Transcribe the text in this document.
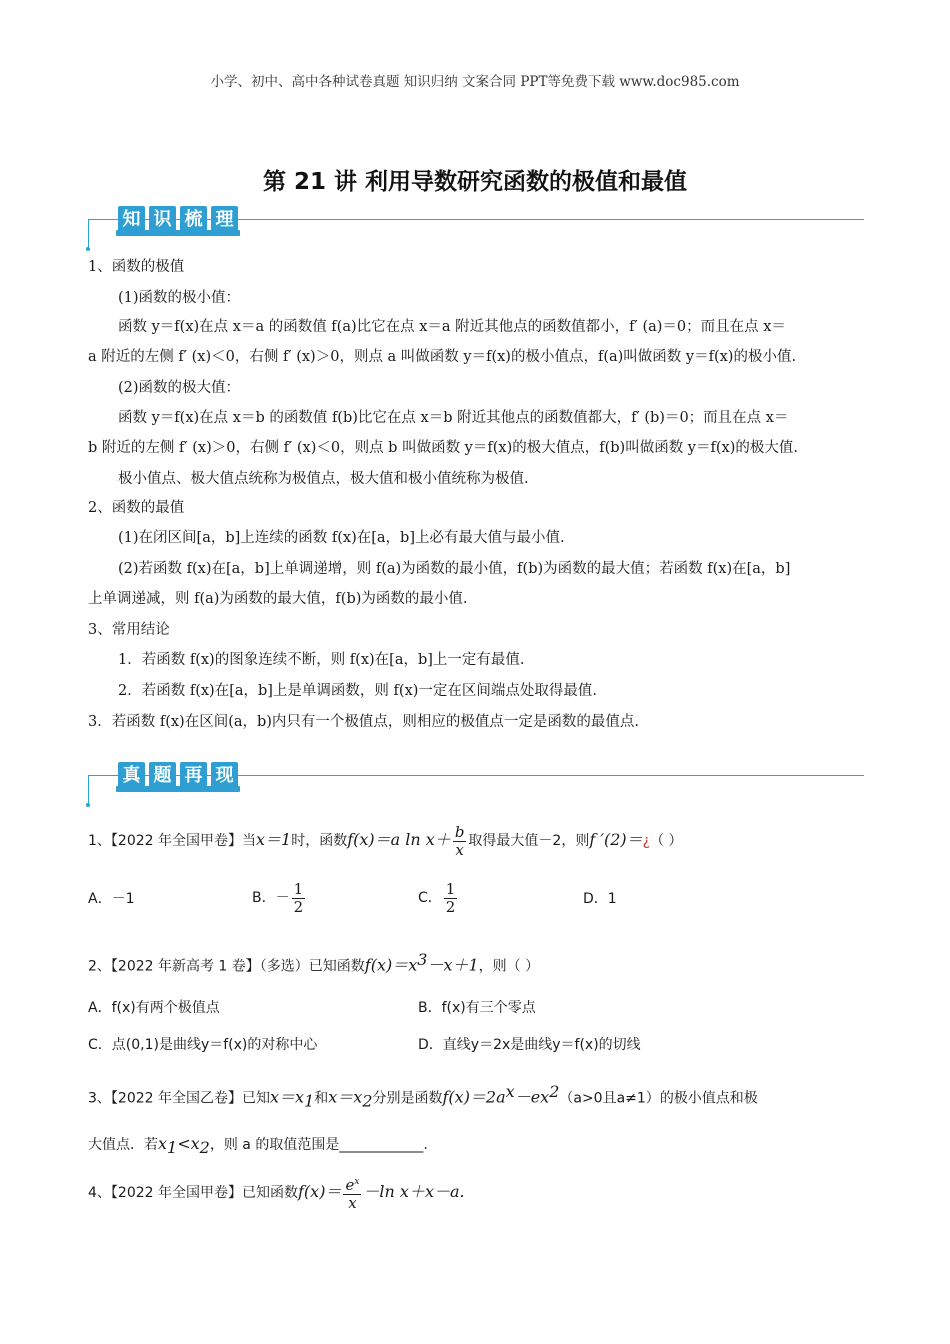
小学、初中、高中各种试卷真题 知识归纳 文案合同 PPT等免费下载 www.doc985.com
第 21 讲 利用导数研究函数的极值和最值
知 识 梳 理
1、函数的极值
(1)函数的极小值：
函数 y＝f(x)在点 x＝a 的函数值 f(a)比它在点 x＝a 附近其他点的函数值都小，f′ (a)＝0；而且在点 x＝
a 附近的左侧 f′ (x)＜0，右侧 f′ (x)＞0，则点 a 叫做函数 y＝f(x)的极小值点，f(a)叫做函数 y＝f(x)的极小值.
(2)函数的极大值：
函数 y＝f(x)在点 x＝b 的函数值 f(b)比它在点 x＝b 附近其他点的函数值都大，f′ (b)＝0；而且在点 x＝
b 附近的左侧 f′ (x)＞0，右侧 f′ (x)＜0，则点 b 叫做函数 y＝f(x)的极大值点，f(b)叫做函数 y＝f(x)的极大值.
极小值点、极大值点统称为极值点，极大值和极小值统称为极值.
2、函数的最值
(1)在闭区间[a，b]上连续的函数 f(x)在[a，b]上必有最大值与最小值.
(2)若函数 f(x)在[a，b]上单调递增，则 f(a)为函数的最小值，f(b)为函数的最大值；若函数 f(x)在[a，b]
上单调递减，则 f(a)为函数的最大值，f(b)为函数的最小值.
3、常用结论
1．若函数 f(x)的图象连续不断，则 f(x)在[a，b]上一定有最值.
2．若函数 f(x)在[a，b]上是单调函数，则 f(x)一定在区间端点处取得最值.
3．若函数 f(x)在区间(a，b)内只有一个极值点，则相应的极值点一定是函数的最值点.
真 题 再 现
1、【2022 年全国甲卷】当x＝1时，函数f(x)＝a $\ln x+ \frac{b}{x}$ 取得最大值－2，则f ′(2)＝¿（ ）
A．－1	B．－ $\frac{1}{2}$	C． $\frac{1}{2}$	D．1
2、【2022 年新高考 1 卷】（多选）已知函数$f(x)=x^3-x+1$，则（ ）
A．f(x)有两个极值点	B．f(x)有三个零点
C．点(0,1)是曲线y＝f(x)的对称中心	D．直线y＝2x是曲线y＝f(x)的切线
3、【2022 年全国乙卷】已知$x=x_1$和$x=x_2$分别是函数$f(x)=2a^x-ex^2(a>0$且a≠1）的极小值点和极
大值点．若$x_1<x_2$，则 a 的取值范围是____________.
4、【2022 年全国甲卷】已知函数$f(x)= \frac{e^x}{x} -\ln$ x＋x－a.
